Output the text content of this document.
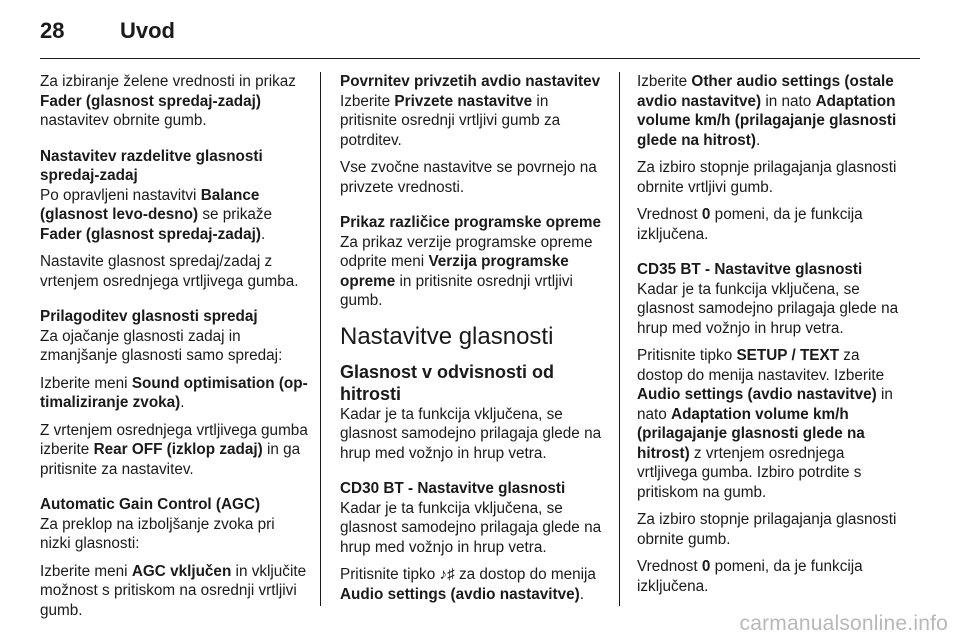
28	Uvod

Za izbiranje želene vrednosti in prikaz Fader (glasnost spredaj-zadaj) nastavitev obrnite gumb.

Nastavitev razdelitve glasnosti spredaj-zadaj

Po opravljeni nastavitvi Balance (glasnost levo-desno) se prikaže Fader (glasnost spredaj-zadaj).

Nastavite glasnost spredaj/zadaj z vrtenjem osrednjega vrtljivega gumba.

Prilagoditev glasnosti spredaj

Za ojačanje glasnosti zadaj in zmanjšanje glasnosti samo spredaj:

Izberite meni Sound optimisation (optimaliziranje zvoka).

Z vrtenjem osrednjega vrtljivega gumba izberite Rear OFF (izklop zadaj) in ga pritisnite za nastavitev.

Automatic Gain Control (AGC)

Za preklop na izboljšanje zvoka pri nizki glasnosti:

Izberite meni AGC vključen in vključite možnost s pritiskom na osrednji vrtljivi gumb.

Povrnitev privzetih avdio nastavitev

Izberite Privzete nastavitve in pritisnite osrednji vrtljivi gumb za potrditev.

Vse zvočne nastavitve se povrnejo na privzete vrednosti.

Prikaz različice programske opreme

Za prikaz verzije programske opreme odprite meni Verzija programske opreme in pritisnite osrednji vrtljivi gumb.

Nastavitve glasnosti
Glasnost v odvisnosti od hitrosti

Kadar je ta funkcija vključena, se glasnost samodejno prilagaja glede na hrup med vožnjo in hrup vetra.

CD30 BT - Nastavitve glasnosti

Kadar je ta funkcija vključena, se glasnost samodejno prilagaja glede na hrup med vožnjo in hrup vetra.

Pritisnite tipko ♪♯ za dostop do menija Audio settings (avdio nastavitve).

Izberite Other audio settings (ostale avdio nastavitve) in nato Adaptation volume km/h (prilagajanje glasnosti glede na hitrost).

Za izbiro stopnje prilagajanja glasnosti obrnite vrtljivi gumb.

Vrednost 0 pomeni, da je funkcija izključena.

CD35 BT - Nastavitve glasnosti

Kadar je ta funkcija vključena, se glasnost samodejno prilagaja glede na hrup med vožnjo in hrup vetra.

Pritisnite tipko SETUP / TEXT za dostop do menija nastavitev. Izberite Audio settings (avdio nastavitve) in nato Adaptation volume km/h (prilagajanje glasnosti glede na hitrost) z vrtenjem osrednjega vrtljivega gumba. Izbiro potrdite s pritiskom na gumb.

Za izbiro stopnje prilagajanja glasnosti obrnite gumb.

Vrednost 0 pomeni, da je funkcija izključena.

carmanualsonline.info
